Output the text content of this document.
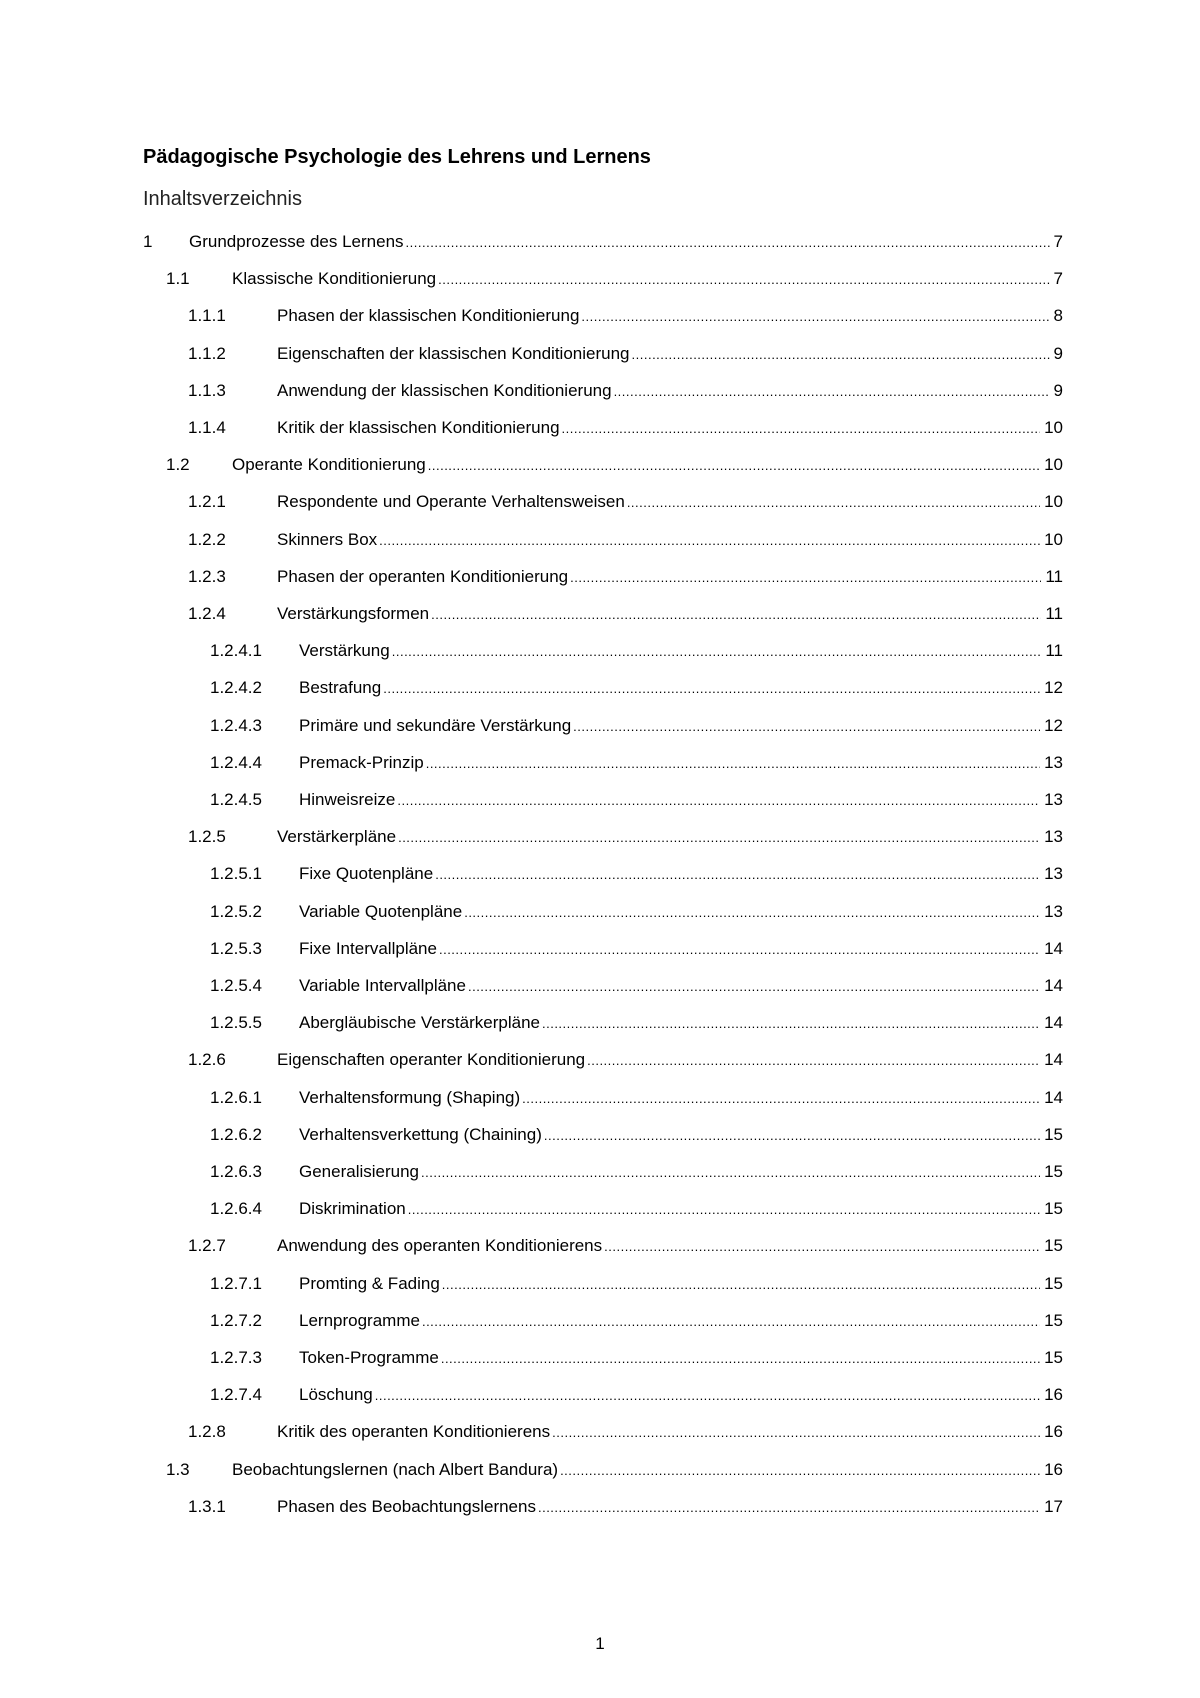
Pädagogische Psychologie des Lehrens und Lernens
Inhaltsverzeichnis
1	Grundprozesse des Lernens .....	7
1.1	Klassische Konditionierung .....	7
1.1.1	Phasen der klassischen Konditionierung .....	8
1.1.2	Eigenschaften der klassischen Konditionierung .....	9
1.1.3	Anwendung der klassischen Konditionierung .....	9
1.1.4	Kritik der klassischen Konditionierung .....	10
1.2	Operante Konditionierung .....	10
1.2.1	Respondente und Operante Verhaltensweisen .....	10
1.2.2	Skinners Box .....	10
1.2.3	Phasen der operanten Konditionierung .....	11
1.2.4	Verstärkungsformen .....	11
1.2.4.1	Verstärkung .....	11
1.2.4.2	Bestrafung .....	12
1.2.4.3	Primäre und sekundäre Verstärkung .....	12
1.2.4.4	Premack-Prinzip .....	13
1.2.4.5	Hinweisreize .....	13
1.2.5	Verstärkerpläne .....	13
1.2.5.1	Fixe Quotenpläne .....	13
1.2.5.2	Variable Quotenpläne .....	13
1.2.5.3	Fixe Intervallpläne .....	14
1.2.5.4	Variable Intervallpläne .....	14
1.2.5.5	Abergläubische Verstärkerpläne .....	14
1.2.6	Eigenschaften operanter Konditionierung .....	14
1.2.6.1	Verhaltensformung (Shaping) .....	14
1.2.6.2	Verhaltensverkettung (Chaining) .....	15
1.2.6.3	Generalisierung .....	15
1.2.6.4	Diskrimination .....	15
1.2.7	Anwendung des operanten Konditionierens .....	15
1.2.7.1	Promting & Fading .....	15
1.2.7.2	Lernprogramme .....	15
1.2.7.3	Token-Programme .....	15
1.2.7.4	Löschung .....	16
1.2.8	Kritik des operanten Konditionierens .....	16
1.3	Beobachtungslernen (nach Albert Bandura) .....	16
1.3.1	Phasen des Beobachtungslernens .....	17
1
